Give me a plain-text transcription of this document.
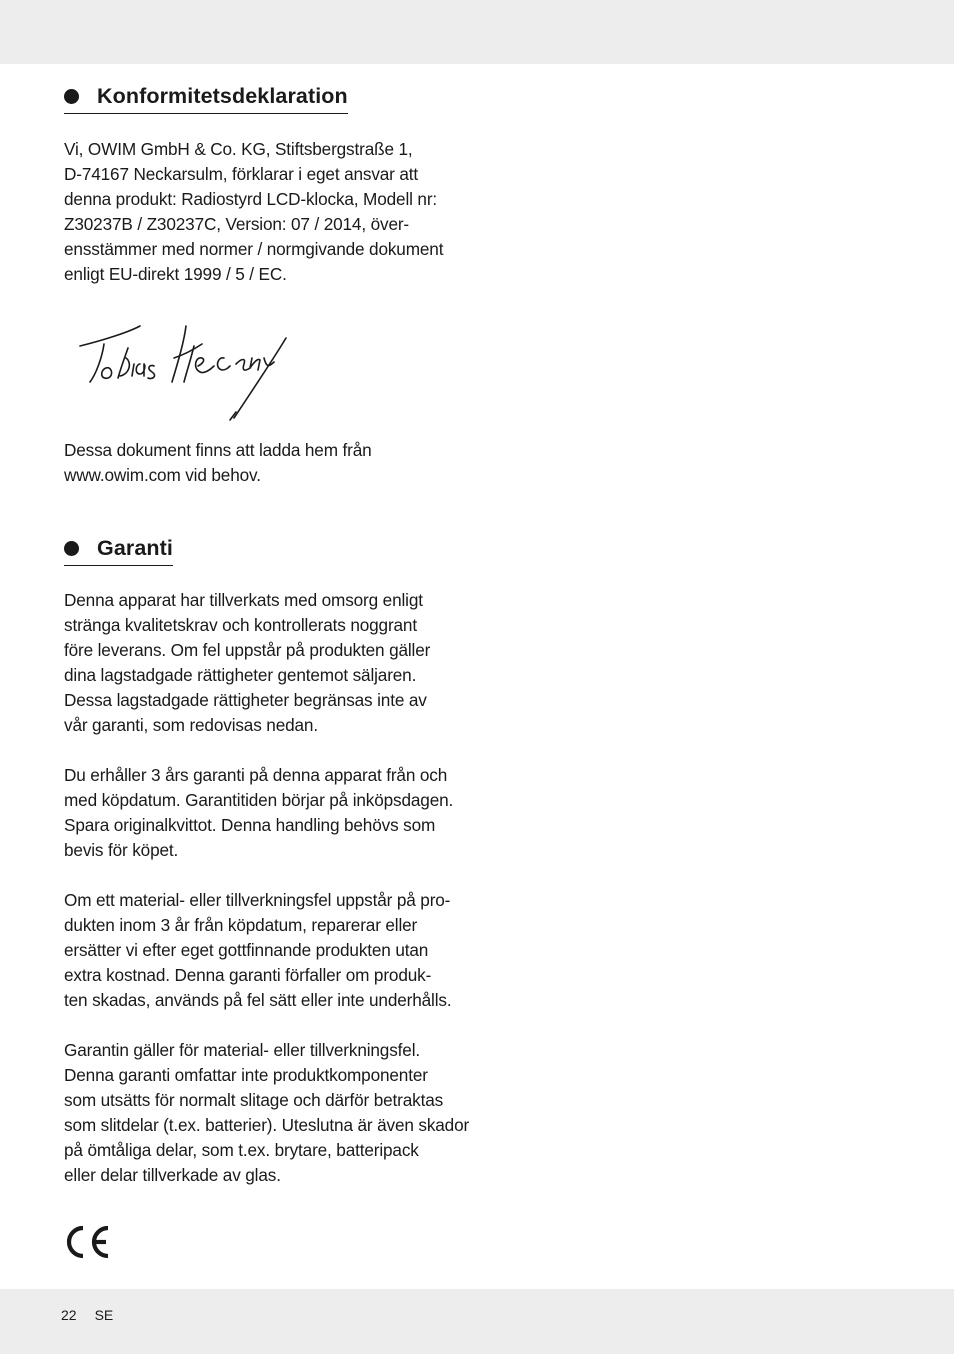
Konformitetsdeklaration

Vi, OWIM GmbH & Co. KG, Stiftsbergstraße 1,
D-74167 Neckarsulm, förklarar i eget ansvar att
denna produkt: Radiostyrd LCD-klocka, Modell nr:
Z30237B / Z30237C, Version: 07 / 2014, över-
ensstämmer med normer / normgivande dokument
enligt EU-direkt 1999 / 5 / EC.

Dessa dokument finns att ladda hem från
www.owim.com vid behov.

Garanti

Denna apparat har tillverkats med omsorg enligt
stränga kvalitetskrav och kontrollerats noggrant
före leverans. Om fel uppstår på produkten gäller
dina lagstadgade rättigheter gentemot säljaren.
Dessa lagstadgade rättigheter begränsas inte av
vår garanti, som redovisas nedan.

Du erhåller 3 års garanti på denna apparat från och
med köpdatum. Garantitiden börjar på inköpsdagen.
Spara originalkvittot. Denna handling behövs som
bevis för köpet.

Om ett material- eller tillverkningsfel uppstår på pro-
dukten inom 3 år från köpdatum, reparerar eller
ersätter vi efter eget gottfinnande produkten utan
extra kostnad. Denna garanti förfaller om produk-
ten skadas, används på fel sätt eller inte underhålls.

Garantin gäller för material- eller tillverkningsfel.
Denna garanti omfattar inte produktkomponenter
som utsätts för normalt slitage och därför betraktas
som slitdelar (t.ex. batterier). Uteslutna är även skador
på ömtåliga delar, som t.ex. brytare, batteripack
eller delar tillverkade av glas.

22 SE
